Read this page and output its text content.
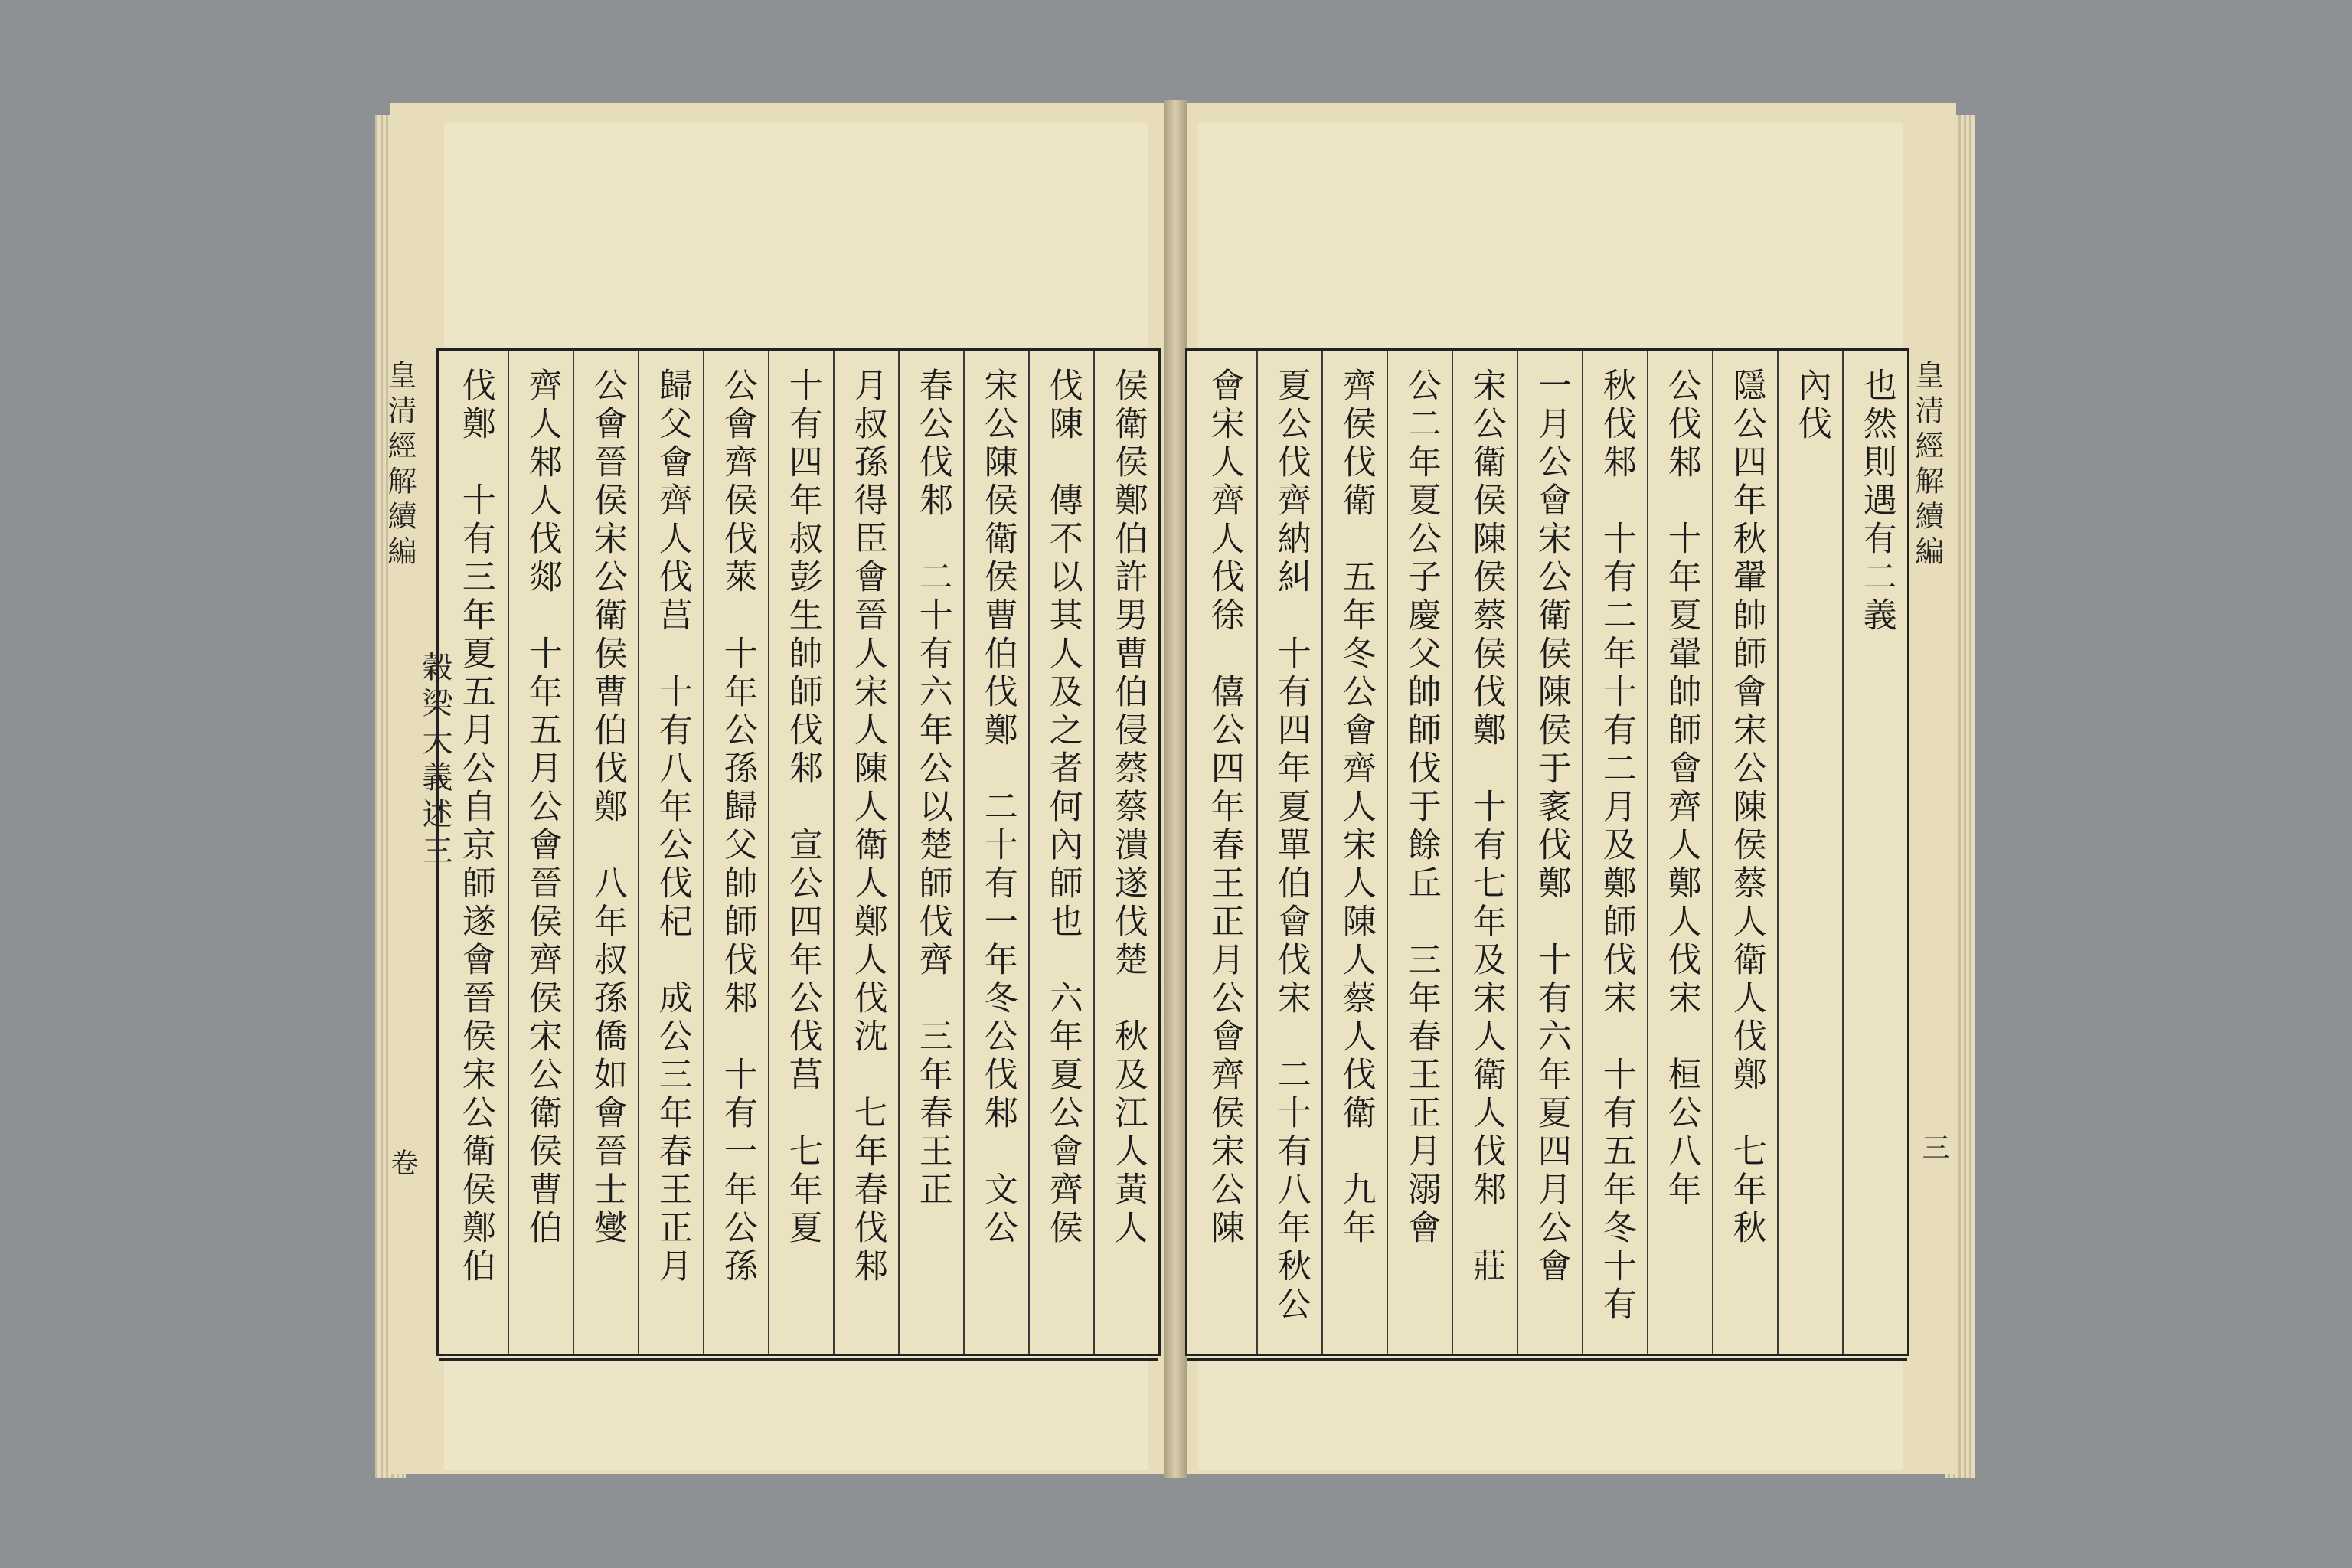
侯衛侯鄭伯許男曹伯侵蔡蔡潰遂伐楚　秋及江人黃人
伐陳　傳不以其人及之者何內師也　六年夏公會齊侯
宋公陳侯衛侯曹伯伐鄭　二十有一年冬公伐邾　文公
春公伐邾　二十有六年公以楚師伐齊　三年春王正
月叔孫得臣會晉人宋人陳人衛人鄭人伐沈　七年春伐邾
十有四年叔彭生帥師伐邾　宣公四年公伐莒　七年夏
公會齊侯伐萊　十年公孫歸父帥師伐邾　十有一年公孫
歸父會齊人伐莒　十有八年公伐杞　成公三年春王正月
公會晉侯宋公衛侯曹伯伐鄭　八年叔孫僑如會晉士燮
齊人邾人伐郯　十年五月公會晉侯齊侯宋公衛侯曹伯
伐鄭　十有三年夏五月公自京師遂會晉侯宋公衛侯鄭伯
皇清經解續編
穀梁大義述三
卷
也然則遇有二義
內伐
隱公四年秋翬帥師會宋公陳侯蔡人衛人伐鄭　七年秋
公伐邾　十年夏翬帥師會齊人鄭人伐宋　桓公八年
秋伐邾　十有二年十有二月及鄭師伐宋　十有五年冬十有
一月公會宋公衛侯陳侯于袲伐鄭　十有六年夏四月公會
宋公衛侯陳侯蔡侯伐鄭　十有七年及宋人衛人伐邾　莊
公二年夏公子慶父帥師伐于餘丘　三年春王正月溺會
齊侯伐衛　五年冬公會齊人宋人陳人蔡人伐衛　九年
夏公伐齊納糾　十有四年夏單伯會伐宋　二十有八年秋公
會宋人齊人伐徐　僖公四年春王正月公會齊侯宋公陳	皇清經解續編
三
